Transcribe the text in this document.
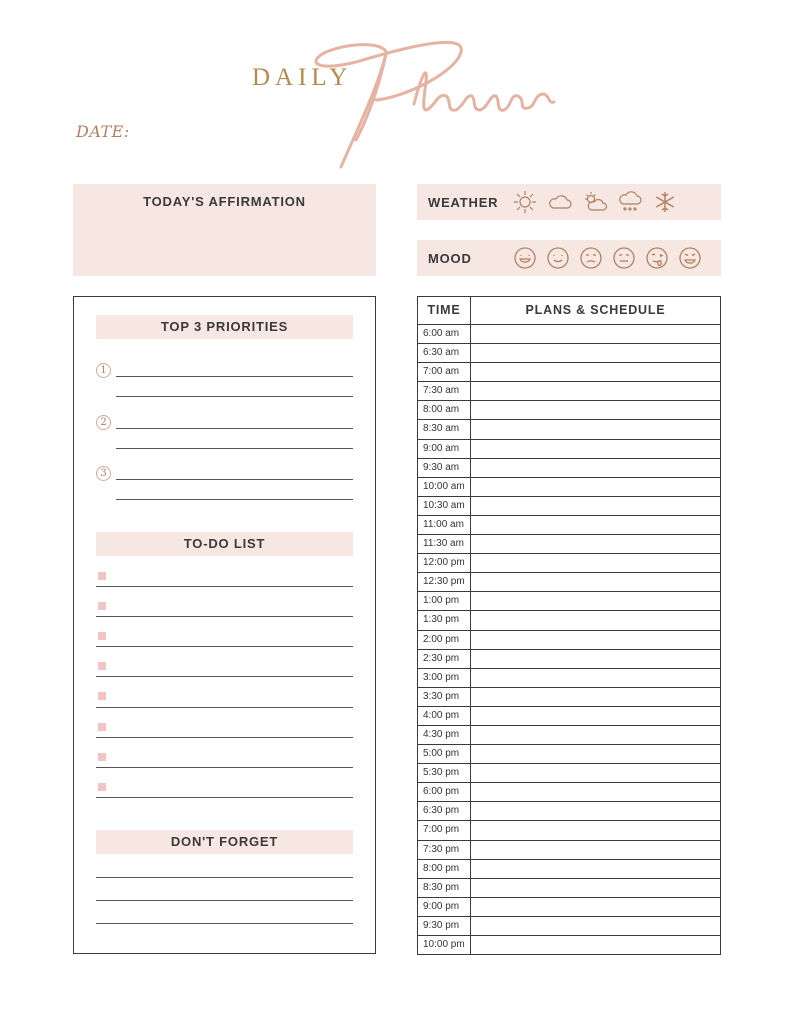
DAILY
DATE:
TODAY'S AFFIRMATION	WEATHER
MOOD
TOP 3 PRIORITIES
1
2
3
TO-DO LIST
DON'T FORGET
TIME	PLANS & SCHEDULE
6:00 am
6:30 am
7:00 am
7:30 am
8:00 am
8:30 am
9:00 am
9:30 am
10:00 am
10:30 am
11:00 am
11:30 am
12:00 pm
12:30 pm
1:00 pm
1:30 pm
2:00 pm
2:30 pm
3:00 pm
3:30 pm
4:00 pm
4:30 pm
5:00 pm
5:30 pm
6:00 pm
6:30 pm
7:00 pm
7:30 pm
8:00 pm
8:30 pm
9:00 pm
9:30 pm
10:00 pm
